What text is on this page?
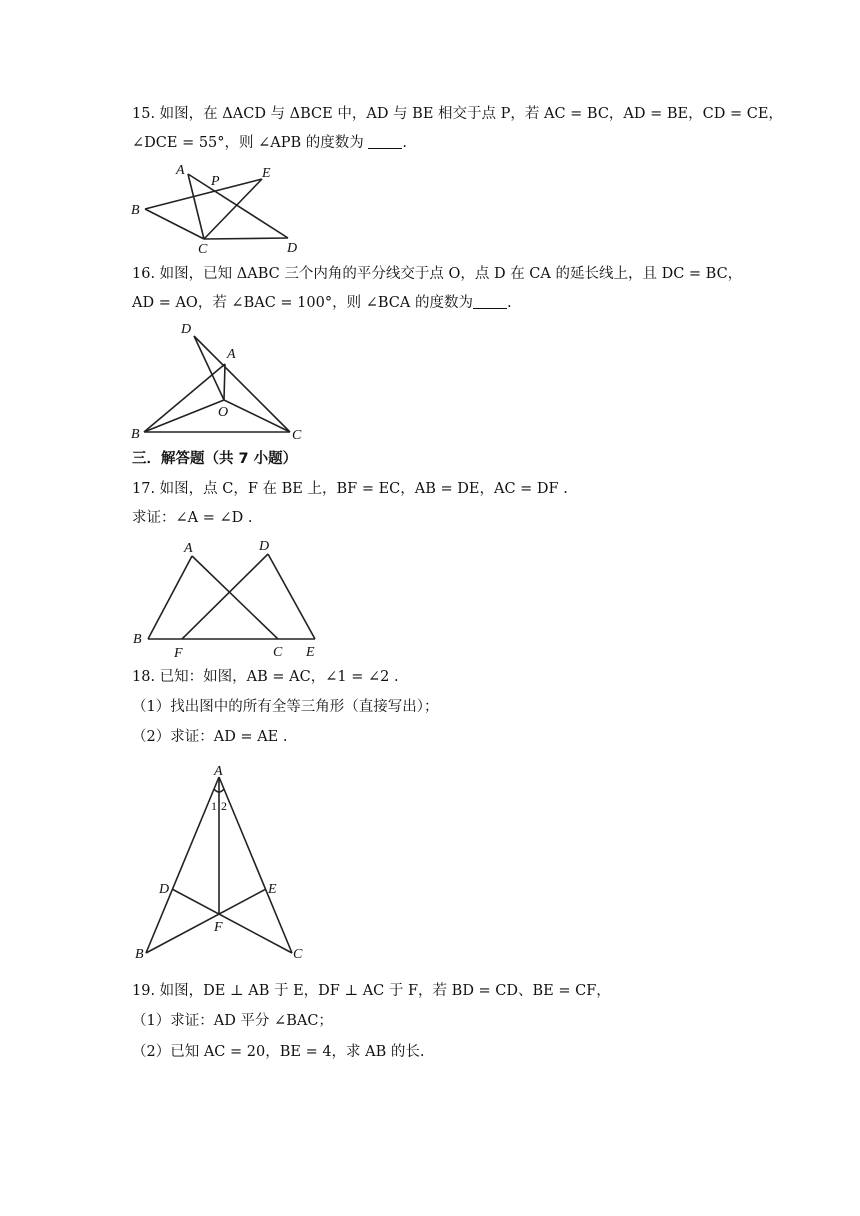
15. 如图，在 ΔACD 与 ΔBCE 中，AD 与 BE 相交于点 P，若 AC = BC，AD = BE，CD = CE，
∠DCE = 55°，则 ∠APB 的度数为 .
A
P
E
B
C	D
16. 如图，已知 ΔABC 三个内角的平分线交于点 O，点 D 在 CA 的延长线上，且 DC = BC，
AD = AO，若 ∠BAC = 100°，则 ∠BCA 的度数为 .
D
A
O
B	C
三．解答题（共 7 小题）
17. 如图，点 C，F 在 BE 上，BF = EC，AB = DE，AC = DF .
求证：∠A = ∠D .
A	D
B
F	C E
18. 已知：如图，AB = AC，∠1 = ∠2 .
（1）找出图中的所有全等三角形（直接写出）；
（2）求证：AD = AE .
A
1 2
D	E
F
B	C
19. 如图，DE ⊥ AB 于 E，DF ⊥ AC 于 F，若 BD = CD、BE = CF，
（1）求证：AD 平分 ∠BAC；
（2）已知 AC = 20，BE = 4，求 AB 的长.
